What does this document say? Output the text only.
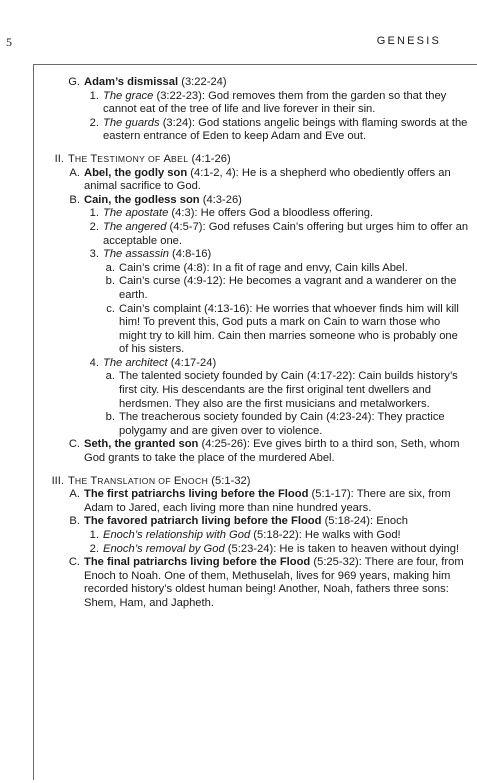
5	GENESIS
G. Adam’s dismissal (3:22-24)
1. The grace (3:22-23): God removes them from the garden so that they cannot eat of the tree of life and live forever in their sin.
2. The guards (3:24): God stations angelic beings with flaming swords at the eastern entrance of Eden to keep Adam and Eve out.
II. THE TESTIMONY OF ABEL (4:1-26)
A. Abel, the godly son (4:1-2, 4): He is a shepherd who obediently offers an animal sacrifice to God.
B. Cain, the godless son (4:3-26)
1. The apostate (4:3): He offers God a bloodless offering.
2. The angered (4:5-7): God refuses Cain’s offering but urges him to offer an acceptable one.
3. The assassin (4:8-16)
a. Cain’s crime (4:8): In a fit of rage and envy, Cain kills Abel.
b. Cain’s curse (4:9-12): He becomes a vagrant and a wanderer on the earth.
c. Cain’s complaint (4:13-16): He worries that whoever finds him will kill him! To prevent this, God puts a mark on Cain to warn those who might try to kill him. Cain then marries someone who is probably one of his sisters.
4. The architect (4:17-24)
a. The talented society founded by Cain (4:17-22): Cain builds history’s first city. His descendants are the first original tent dwellers and herdsmen. They also are the first musicians and metalworkers.
b. The treacherous society founded by Cain (4:23-24): They practice polygamy and are given over to violence.
C. Seth, the granted son (4:25-26): Eve gives birth to a third son, Seth, whom God grants to take the place of the murdered Abel.
III. THE TRANSLATION OF ENOCH (5:1-32)
A. The first patriarchs living before the Flood (5:1-17): There are six, from Adam to Jared, each living more than nine hundred years.
B. The favored patriarch living before the Flood (5:18-24): Enoch
1. Enoch’s relationship with God (5:18-22): He walks with God!
2. Enoch’s removal by God (5:23-24): He is taken to heaven without dying!
C. The final patriarchs living before the Flood (5:25-32): There are four, from Enoch to Noah. One of them, Methuselah, lives for 969 years, making him recorded history’s oldest human being! Another, Noah, fathers three sons: Shem, Ham, and Japheth.
